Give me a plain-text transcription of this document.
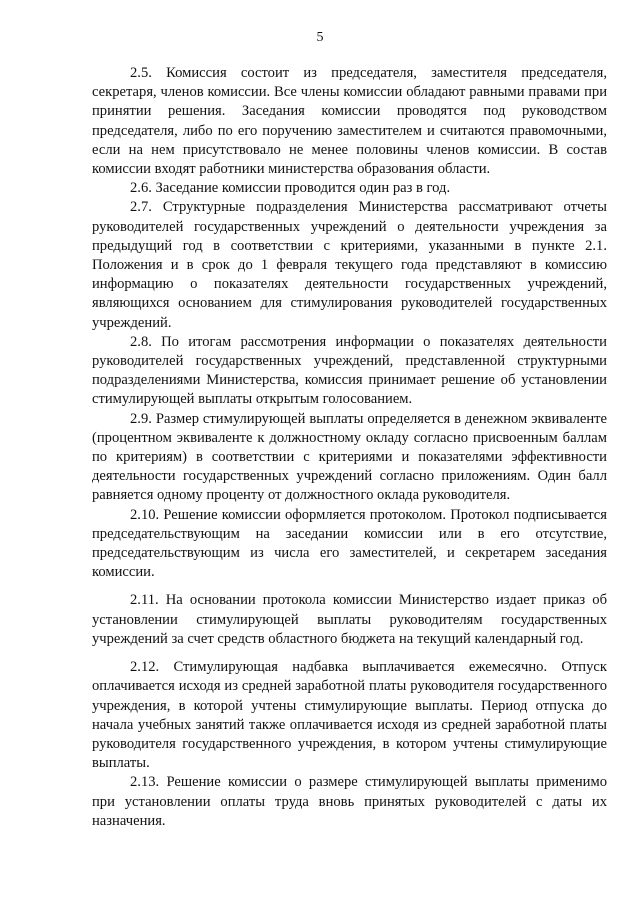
5

2.5. Комиссия состоит из председателя, заместителя председателя, секретаря, членов комиссии. Все члены комиссии обладают равными правами при принятии решения. Заседания комиссии проводятся под руководством председателя, либо по его поручению заместителем и считаются правомочными, если на нем присутствовало не менее половины членов комиссии. В состав комиссии входят работники министерства образования области.

2.6. Заседание комиссии проводится один раз в год.

2.7. Структурные подразделения Министерства рассматривают отчеты руководителей государственных учреждений о деятельности учреждения за предыдущий год в соответствии с критериями, указанными в пункте 2.1. Положения и в срок до 1 февраля текущего года представляют в комиссию информацию о показателях деятельности государственных учреждений, являющихся основанием для стимулирования руководителей государственных учреждений.

2.8. По итогам рассмотрения информации о показателях деятельности руководителей государственных учреждений, представленной структурными подразделениями Министерства, комиссия принимает решение об установлении стимулирующей выплаты открытым голосованием.

2.9. Размер стимулирующей выплаты определяется в денежном эквиваленте (процентном эквиваленте к должностному окладу согласно присвоенным баллам по критериям) в соответствии с критериями и показателями эффективности деятельности государственных учреждений согласно приложениям. Один балл равняется одному проценту от должностного оклада руководителя.

2.10. Решение комиссии оформляется протоколом. Протокол подписывается председательствующим на заседании комиссии или в его отсутствие, председательствующим из числа его заместителей, и секретарем заседания комиссии.

2.11. На основании протокола комиссии Министерство издает приказ об установлении стимулирующей выплаты руководителям государственных учреждений за счет средств областного бюджета на текущий календарный год.

2.12. Стимулирующая надбавка выплачивается ежемесячно. Отпуск оплачивается исходя из средней заработной платы руководителя государственного учреждения, в которой учтены стимулирующие выплаты. Период отпуска до начала учебных занятий также оплачивается исходя из средней заработной платы руководителя государственного учреждения, в котором учтены стимулирующие выплаты.

2.13. Решение комиссии о размере стимулирующей выплаты применимо при установлении оплаты труда вновь принятых руководителей с даты их назначения.
